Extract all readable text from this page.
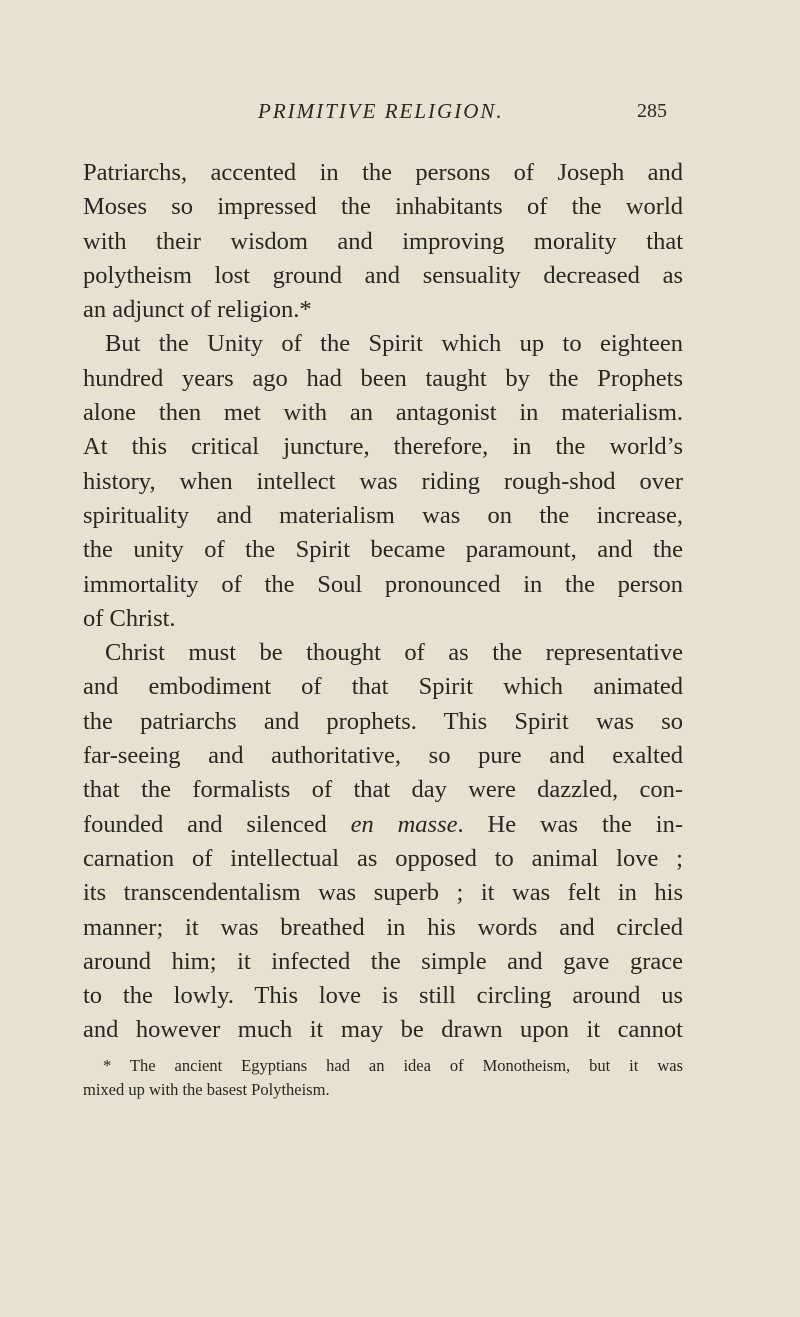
PRIMITIVE RELIGION.	285
Patriarchs, accented in the persons of Joseph and
Moses so impressed the inhabitants of the world
with their wisdom and improving morality that
polytheism lost ground and sensuality decreased as
an adjunct of religion.*
But the Unity of the Spirit which up to eighteen
hundred years ago had been taught by the Prophets
alone then met with an antagonist in materialism.
At this critical juncture, therefore, in the world’s
history, when intellect was riding rough-shod over
spirituality and materialism was on the increase,
the unity of the Spirit became paramount, and the
immortality of the Soul pronounced in the person
of Christ.
Christ must be thought of as the representative
and embodiment of that Spirit which animated
the patriarchs and prophets. This Spirit was so
far-seeing and authoritative, so pure and exalted
that the formalists of that day were dazzled, con-
founded and silenced en masse. He was the in-
carnation of intellectual as opposed to animal love ;
its transcendentalism was superb ; it was felt in his
manner; it was breathed in his words and circled
around him; it infected the simple and gave grace
to the lowly. This love is still circling around us
and however much it may be drawn upon it cannot
* The ancient Egyptians had an idea of Monotheism, but it was
mixed up with the basest Polytheism.
